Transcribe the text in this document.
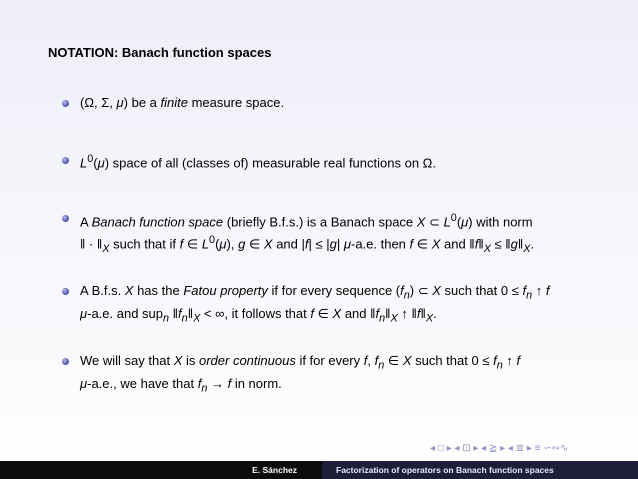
NOTATION: Banach function spaces
(Ω, Σ, μ) be a finite measure space.
$L^0(\mu)$ space of all (classes of) measurable real functions on Ω.
A Banach function space (briefly B.f.s.) is a Banach space X ⊂ $L^0(\mu)$ with norm
‖ · $‖_X$ such that if f ∈ $L^0(\mu)$, g ∈ X and |f| ≤ |g| μ-a.e. then f ∈ X and $‖f‖_X$ ≤ $‖g‖_X$.
A B.f.s. X has the Fatou property if for every sequence $(f_n)$ ⊂ X such that $0 \le f_n$ ↑ f
μ-a.e. and sup$_n$ $‖f_n‖_X$ < ∞, it follows that f ∈ X and $‖f_n‖_X$ ↑ $‖f‖_X$.
We will say that X is order continuous if for every f, $f_n$ ∈ X such that $0 \le f_n$ ↑ f
μ-a.e., we have that $f_n \to f$ in norm.
◂ □ ▸ ◂ ⊡ ▸ ◂ ≧ ▸ ◂ ≣ ▸ ≡ ∽∾∿
E. Sánchez	Factorization of operators on Banach function spaces
